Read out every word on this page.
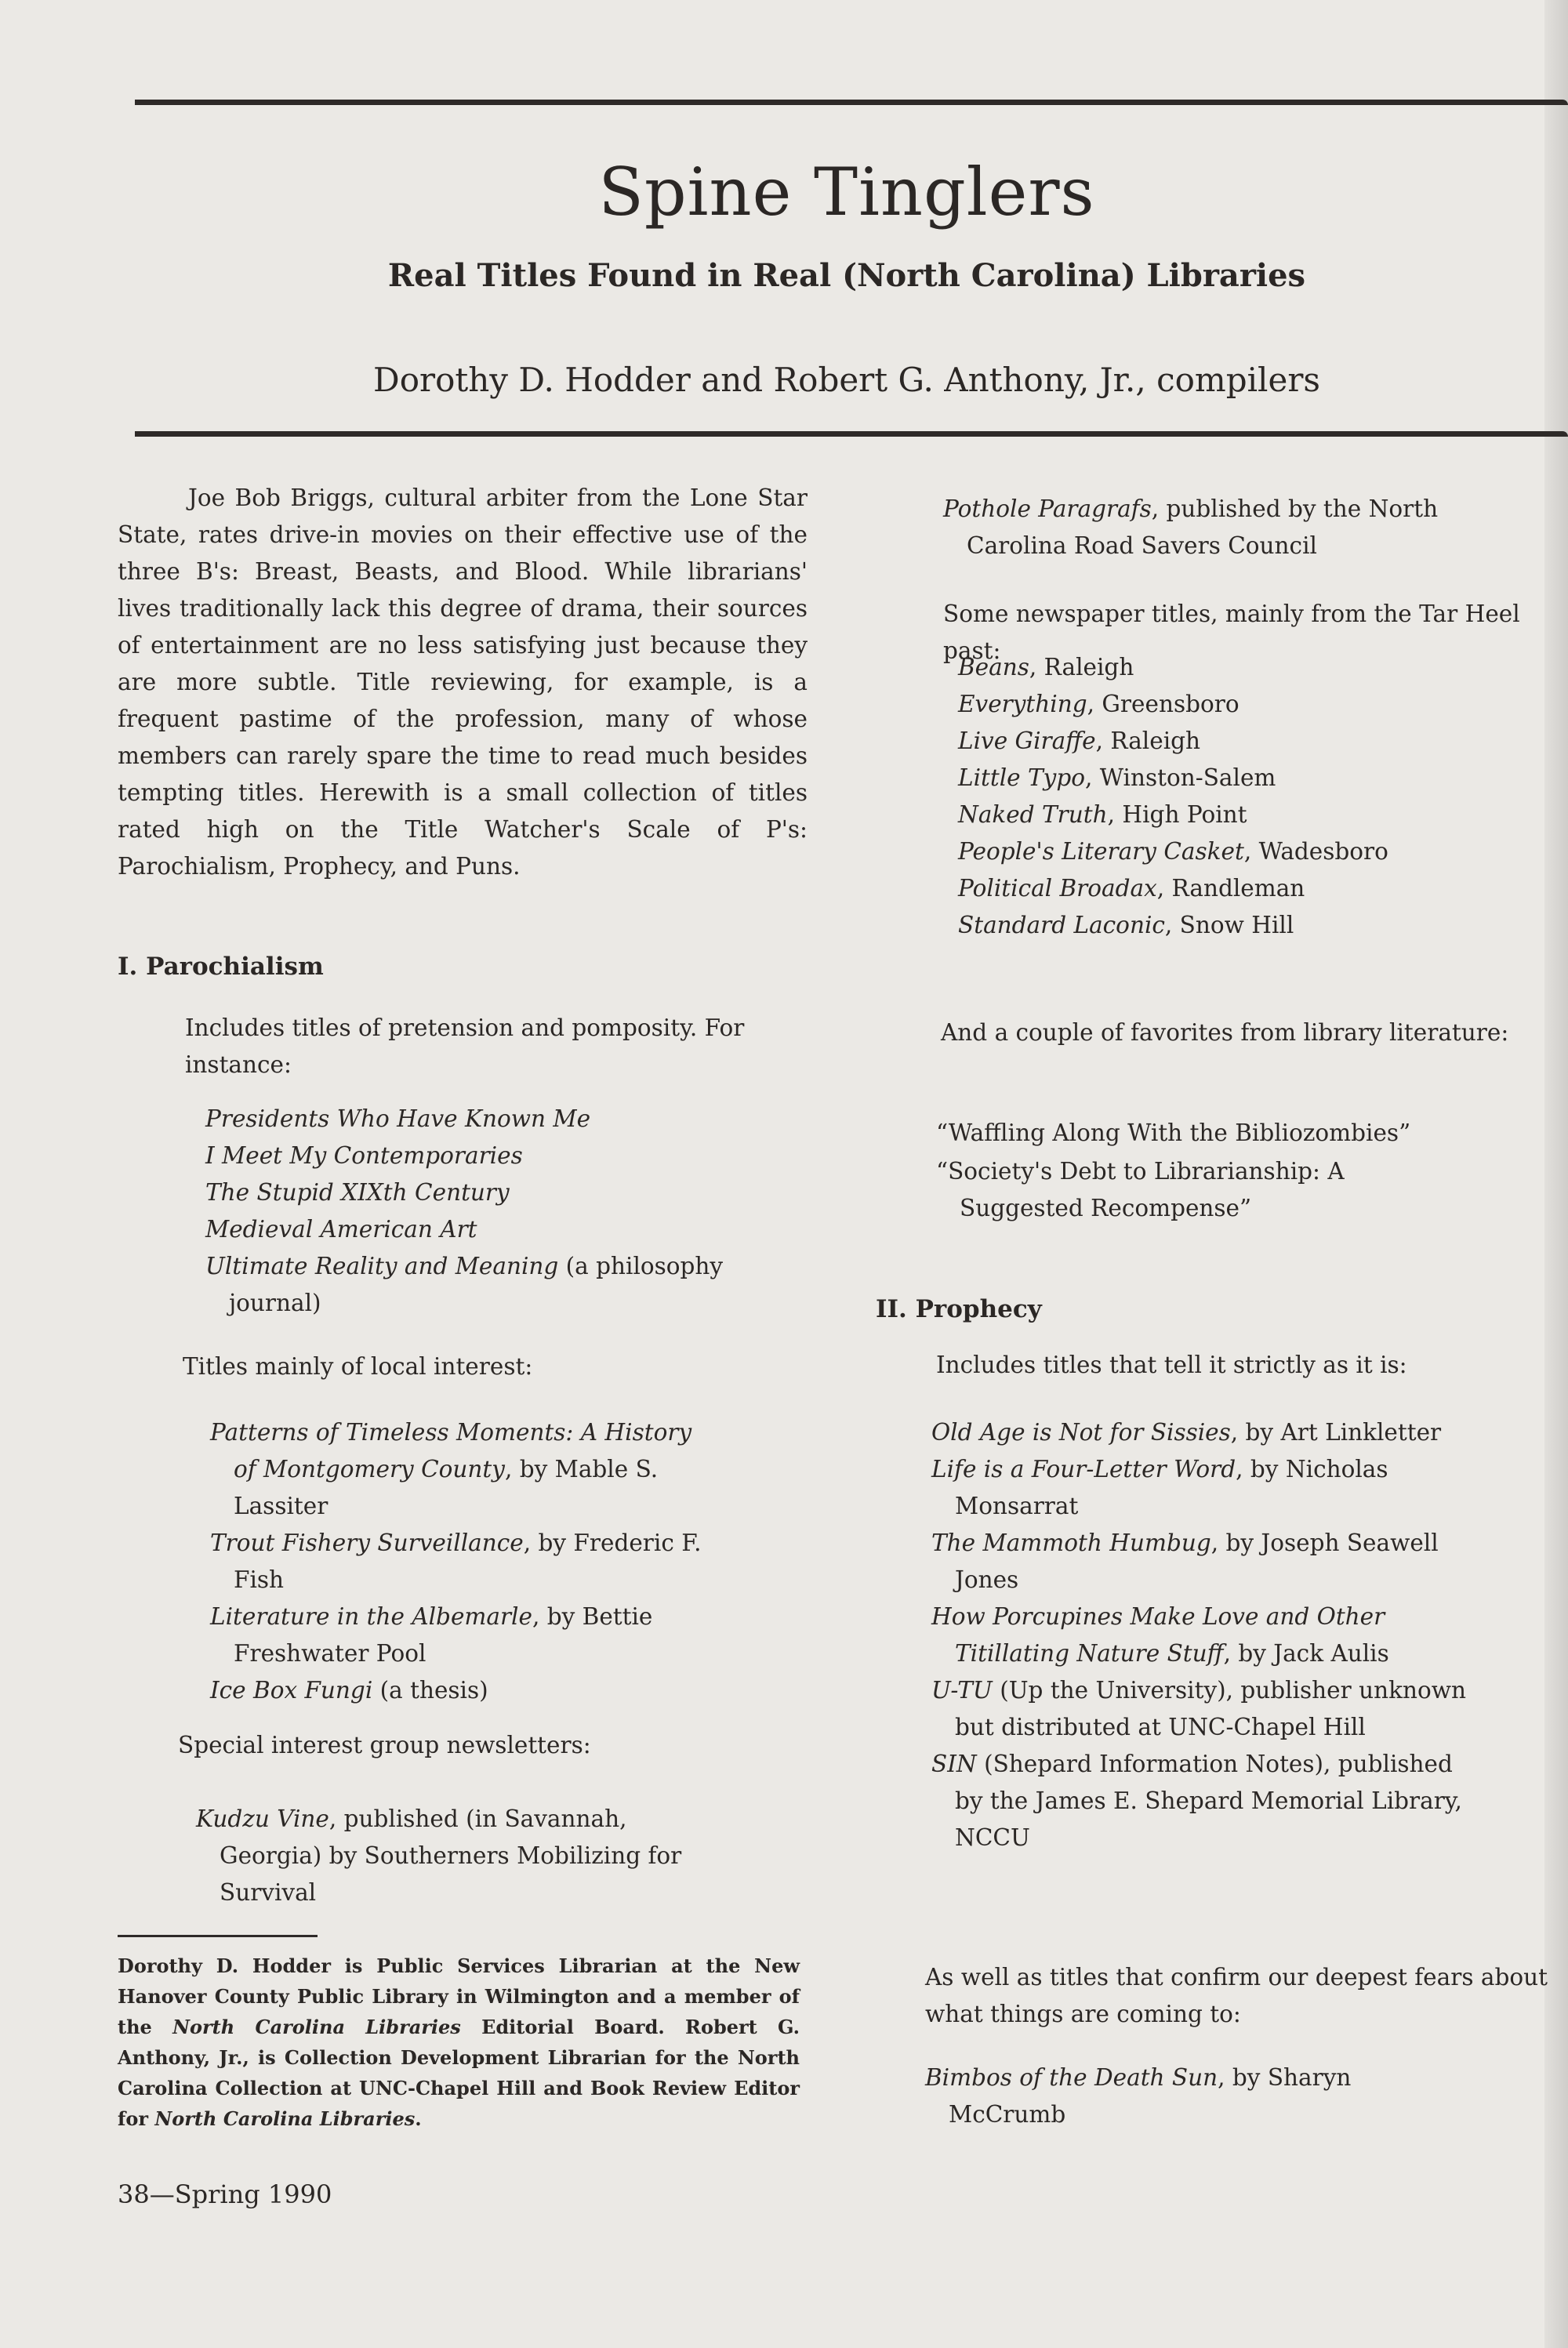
Spine Tinglers
Real Titles Found in Real (North Carolina) Libraries
Dorothy D. Hodder and Robert G. Anthony, Jr., compilers
Joe Bob Briggs, cultural arbiter from the Lone Star State, rates drive-in movies on their effective use of the three B's: Breast, Beasts, and Blood. While librarians' lives traditionally lack this degree of drama, their sources of entertainment are no less satisfying just because they are more subtle. Title reviewing, for example, is a frequent pastime of the profession, many of whose members can rarely spare the time to read much besides tempting titles. Herewith is a small collection of titles rated high on the Title Watcher's Scale of P's: Parochialism, Prophecy, and Puns.
I. Parochialism
Includes titles of pretension and pomposity. For instance:
Presidents Who Have Known Me
I Meet My Contemporaries
The Stupid XIXth Century
Medieval American Art
Ultimate Reality and Meaning (a philosophy journal)
Titles mainly of local interest:
Patterns of Timeless Moments: A History of Montgomery County, by Mable S. Lassiter
Trout Fishery Surveillance, by Frederic F. Fish
Literature in the Albemarle, by Bettie Freshwater Pool
Ice Box Fungi (a thesis)
Special interest group newsletters:
Kudzu Vine, published (in Savannah, Georgia) by Southerners Mobilizing for Survival
Dorothy D. Hodder is Public Services Librarian at the New Hanover County Public Library in Wilmington and a member of the North Carolina Libraries Editorial Board. Robert G. Anthony, Jr., is Collection Development Librarian for the North Carolina Collection at UNC-Chapel Hill and Book Review Editor for North Carolina Libraries.
38—Spring 1990
Pothole Paragrafs, published by the North Carolina Road Savers Council
Some newspaper titles, mainly from the Tar Heel past:
Beans, Raleigh
Everything, Greensboro
Live Giraffe, Raleigh
Little Typo, Winston-Salem
Naked Truth, High Point
People's Literary Casket, Wadesboro
Political Broadax, Randleman
Standard Laconic, Snow Hill
And a couple of favorites from library literature:
“Waffling Along With the Bibliozombies”
“Society's Debt to Librarianship: A Suggested Recompense”
II. Prophecy
Includes titles that tell it strictly as it is:
Old Age is Not for Sissies, by Art Linkletter
Life is a Four-Letter Word, by Nicholas Monsarrat
The Mammoth Humbug, by Joseph Seawell Jones
How Porcupines Make Love and Other Titillating Nature Stuff, by Jack Aulis
U-TU (Up the University), publisher unknown but distributed at UNC-Chapel Hill
SIN (Shepard Information Notes), published by the James E. Shepard Memorial Library, NCCU
As well as titles that confirm our deepest fears about what things are coming to:
Bimbos of the Death Sun, by Sharyn McCrumb
